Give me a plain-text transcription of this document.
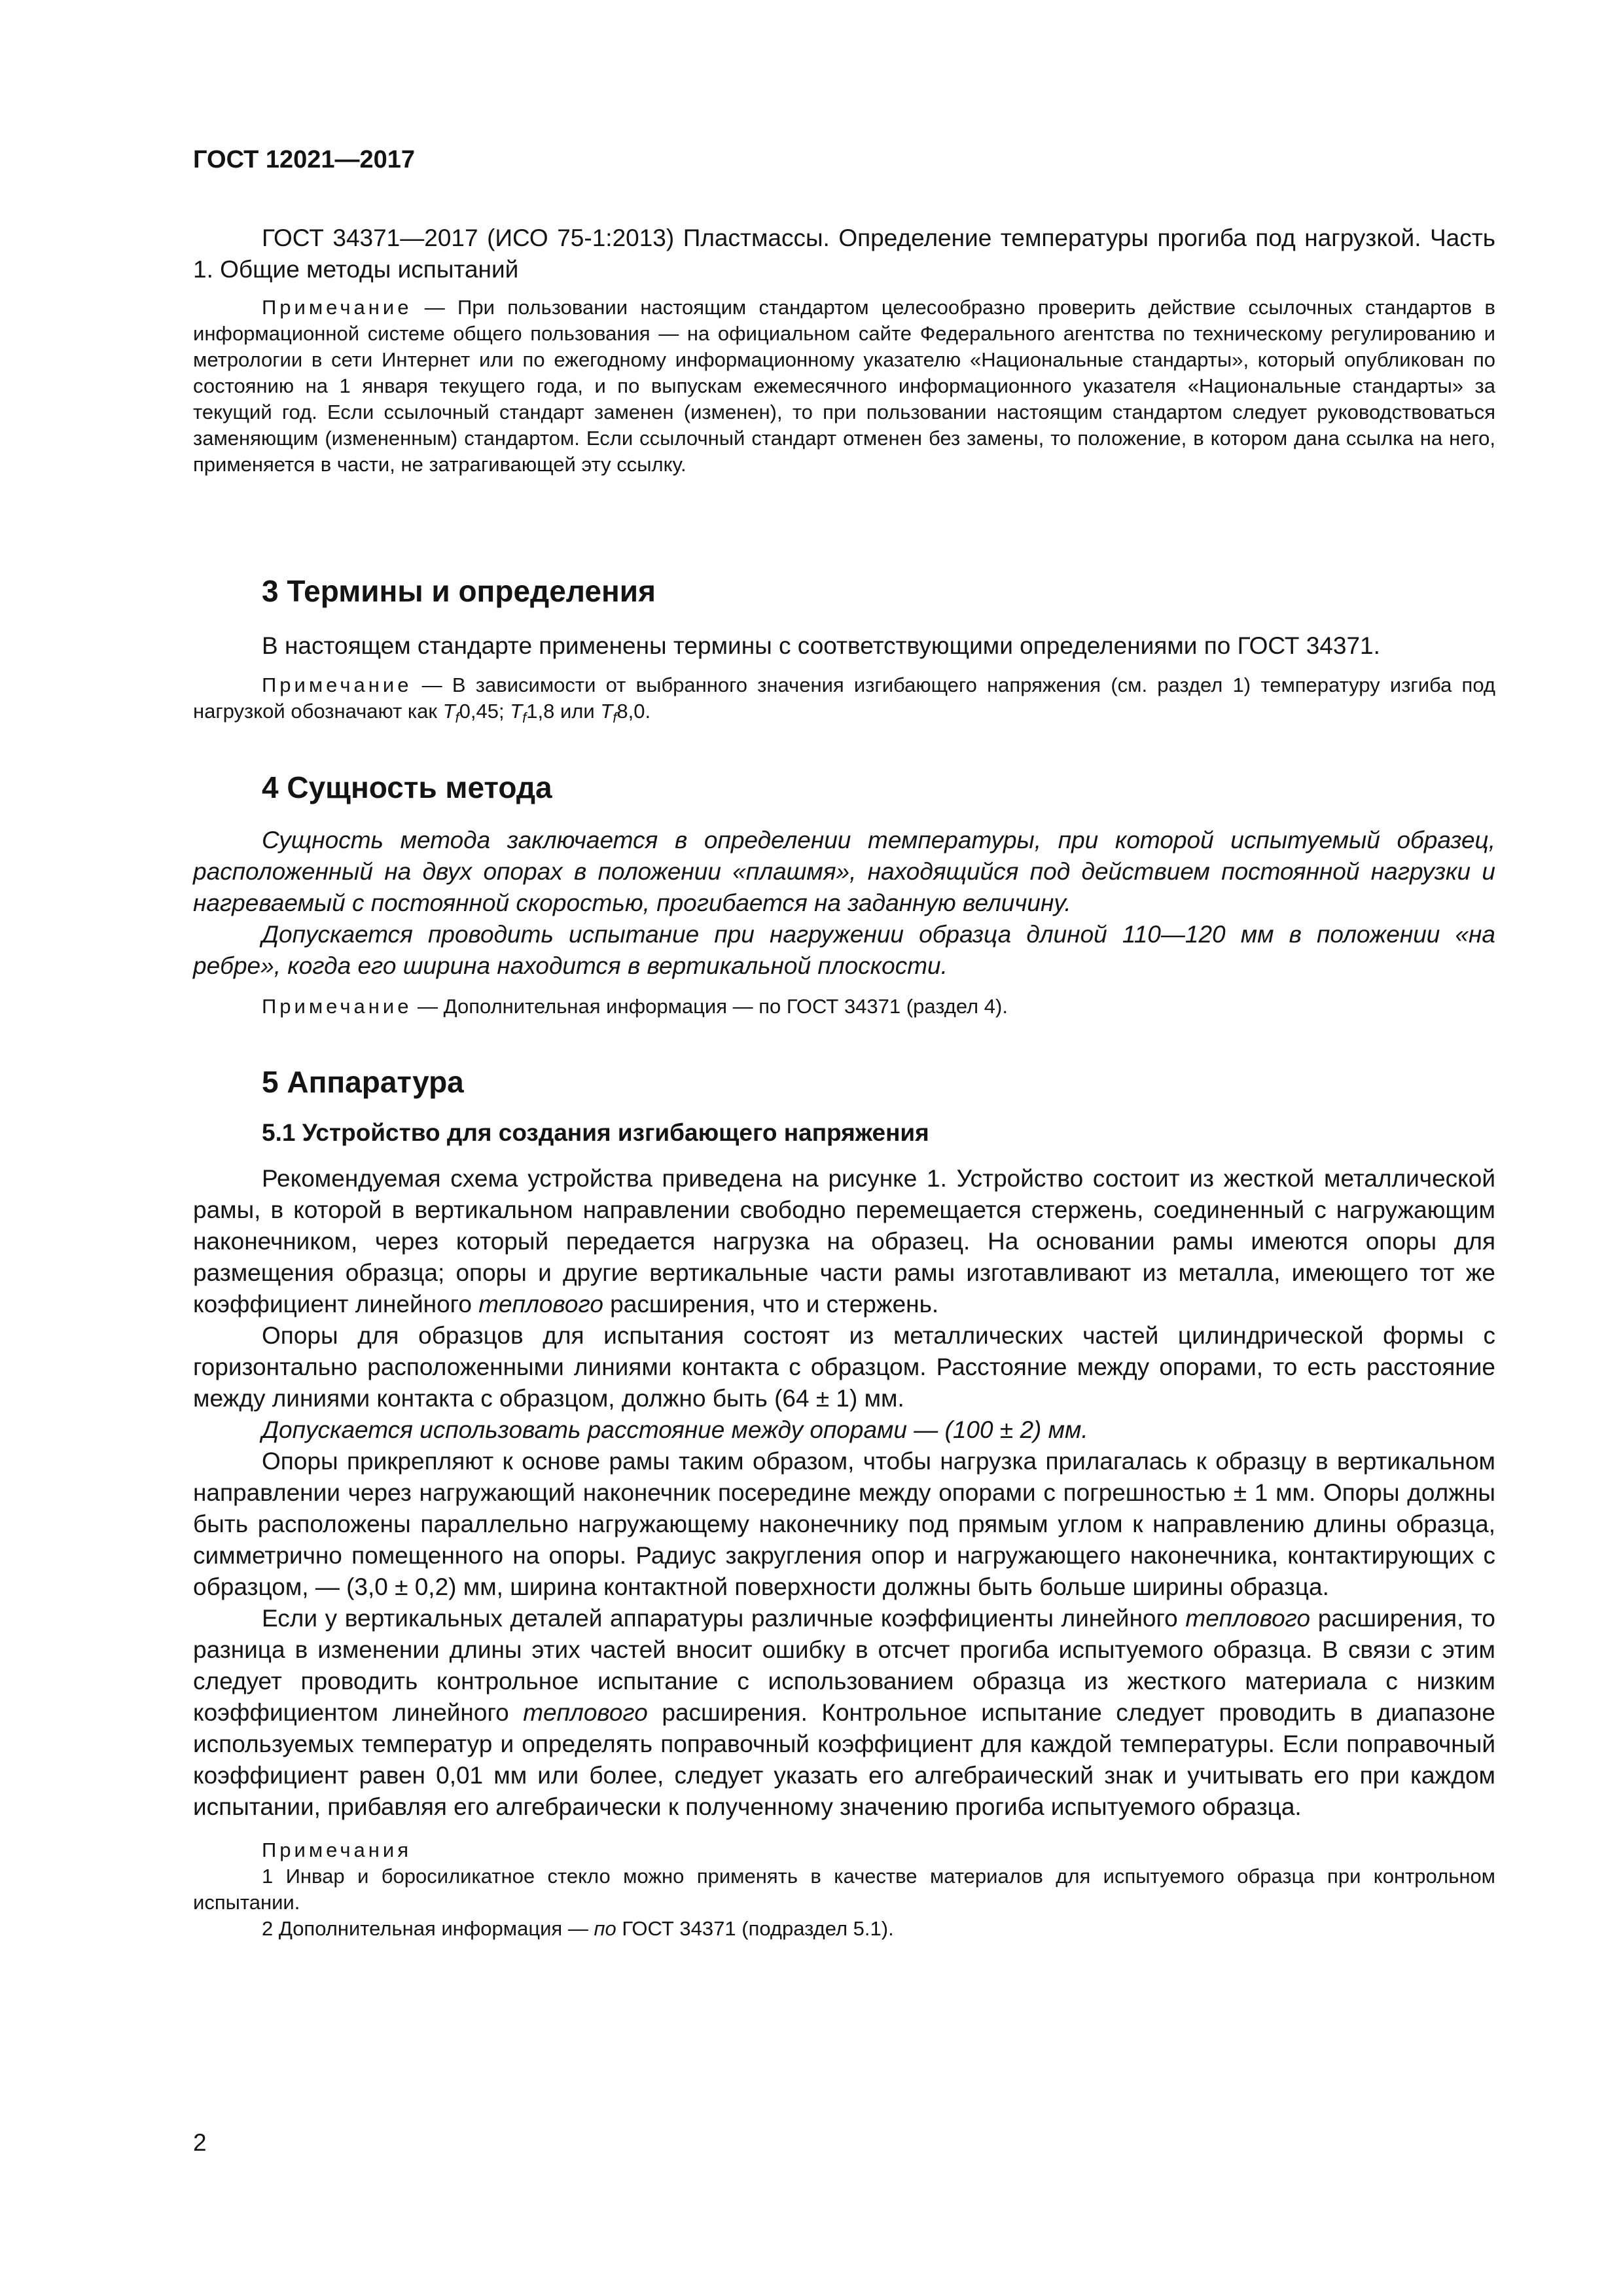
ГОСТ 12021—2017

ГОСТ 34371—2017 (ИСО 75-1:2013) Пластмассы. Определение температуры прогиба под нагрузкой. Часть 1. Общие методы испытаний

Примечание — При пользовании настоящим стандартом целесообразно проверить действие ссылочных стандартов в информационной системе общего пользования — на официальном сайте Федерального агентства по техническому регулированию и метрологии в сети Интернет или по ежегодному информационному указателю «Национальные стандарты», который опубликован по состоянию на 1 января текущего года, и по выпускам ежемесячного информационного указателя «Национальные стандарты» за текущий год. Если ссылочный стандарт заменен (изменен), то при пользовании настоящим стандартом следует руководствоваться заменяющим (измененным) стандартом. Если ссылочный стандарт отменен без замены, то положение, в котором дана ссылка на него, применяется в части, не затрагивающей эту ссылку.

3 Термины и определения

В настоящем стандарте применены термины с соответствующими определениями по ГОСТ 34371.

Примечание — В зависимости от выбранного значения изгибающего напряжения (см. раздел 1) температуру изгиба под нагрузкой обозначают как $T_f0,45$; $T_f1,8$ или $T_f8,0$.

4 Сущность метода

Сущность метода заключается в определении температуры, при которой испытуемый образец, расположенный на двух опорах в положении «плашмя», находящийся под действием постоянной нагрузки и нагреваемый с постоянной скоростью, прогибается на заданную величину.

Допускается проводить испытание при нагружении образца длиной 110—120 мм в положении «на ребре», когда его ширина находится в вертикальной плоскости.

Примечание — Дополнительная информация — по ГОСТ 34371 (раздел 4).

5 Аппаратура
5.1 Устройство для создания изгибающего напряжения

Рекомендуемая схема устройства приведена на рисунке 1. Устройство состоит из жесткой металлической рамы, в которой в вертикальном направлении свободно перемещается стержень, соединенный с нагружающим наконечником, через который передается нагрузка на образец. На основании рамы имеются опоры для размещения образца; опоры и другие вертикальные части рамы изготавливают из металла, имеющего тот же коэффициент линейного теплового расширения, что и стержень.

Опоры для образцов для испытания состоят из металлических частей цилиндрической формы с горизонтально расположенными линиями контакта с образцом. Расстояние между опорами, то есть расстояние между линиями контакта с образцом, должно быть (64 ± 1) мм.

Допускается использовать расстояние между опорами — (100 ± 2) мм.

Опоры прикрепляют к основе рамы таким образом, чтобы нагрузка прилагалась к образцу в вертикальном направлении через нагружающий наконечник посередине между опорами с погрешностью ± 1 мм. Опоры должны быть расположены параллельно нагружающему наконечнику под прямым углом к направлению длины образца, симметрично помещенного на опоры. Радиус закругления опор и нагружающего наконечника, контактирующих с образцом, — (3,0 ± 0,2) мм, ширина контактной поверхности должны быть больше ширины образца.

Если у вертикальных деталей аппаратуры различные коэффициенты линейного теплового расширения, то разница в изменении длины этих частей вносит ошибку в отсчет прогиба испытуемого образца. В связи с этим следует проводить контрольное испытание с использованием образца из жесткого материала с низким коэффициентом линейного теплового расширения. Контрольное испытание следует проводить в диапазоне используемых температур и определять поправочный коэффициент для каждой температуры. Если поправочный коэффициент равен 0,01 мм или более, следует указать его алгебраический знак и учитывать его при каждом испытании, прибавляя его алгебраически к полученному значению прогиба испытуемого образца.

Примечания

1 Инвар и боросиликатное стекло можно применять в качестве материалов для испытуемого образца при контрольном испытании.

2 Дополнительная информация — по ГОСТ 34371 (подраздел 5.1).

2
